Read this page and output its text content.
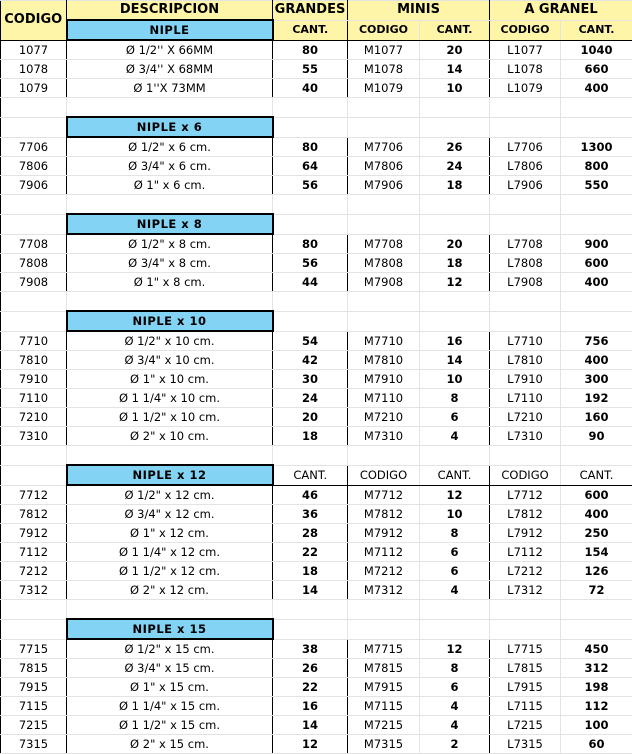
CODIGO	DESCRIPCION	GRANDES	MINIS		A GRANEL	
	NIPLE	CANT.	CODIGO	CANT.	CODIGO	CANT.
1077	Ø 1/2'' X 66MM	80	M1077	20	L1077	1040
1078	Ø 3/4'' X 68MM	55	M1078	14	L1078	660
1079	Ø 1''X 73MM	40	M1079	10	L1079	400

	NIPLE x 6					
7706	Ø 1/2" x 6 cm.	80	M7706	26	L7706	1300
7806	Ø 3/4" x 6 cm.	64	M7806	24	L7806	800
7906	Ø 1" x 6 cm.	56	M7906	18	L7906	550

	NIPLE x 8					
7708	Ø 1/2" x 8 cm.	80	M7708	20	L7708	900
7808	Ø 3/4" x 8 cm.	56	M7808	18	L7808	600
7908	Ø 1" x 8 cm.	44	M7908	12	L7908	400

	NIPLE x 10					
7710	Ø 1/2" x 10 cm.	54	M7710	16	L7710	756
7810	Ø 3/4" x 10 cm.	42	M7810	14	L7810	400
7910	Ø 1" x 10 cm.	30	M7910	10	L7910	300
7110	Ø 1 1/4" x 10 cm.	24	M7110	8	L7110	192
7210	Ø 1 1/2" x 10 cm.	20	M7210	6	L7210	160
7310	Ø 2" x 10 cm.	18	M7310	4	L7310	90

	NIPLE x 12	CANT.	CODIGO	CANT.	CODIGO	CANT.
7712	Ø 1/2" x 12 cm.	46	M7712	12	L7712	600
7812	Ø 3/4" x 12 cm.	36	M7812	10	L7812	400
7912	Ø 1" x 12 cm.	28	M7912	8	L7912	250
7112	Ø 1 1/4" x 12 cm.	22	M7112	6	L7112	154
7212	Ø 1 1/2" x 12 cm.	18	M7212	6	L7212	126
7312	Ø 2" x 12 cm.	14	M7312	4	L7312	72

	NIPLE x 15					
7715	Ø 1/2" x 15 cm.	38	M7715	12	L7715	450
7815	Ø 3/4" x 15 cm.	26	M7815	8	L7815	312
7915	Ø 1" x 15 cm.	22	M7915	6	L7915	198
7115	Ø 1 1/4" x 15 cm.	16	M7115	4	L7115	112
7215	Ø 1 1/2" x 15 cm.	14	M7215	4	L7215	100
7315	Ø 2" x 15 cm.	12	M7315	2	L7315	60
